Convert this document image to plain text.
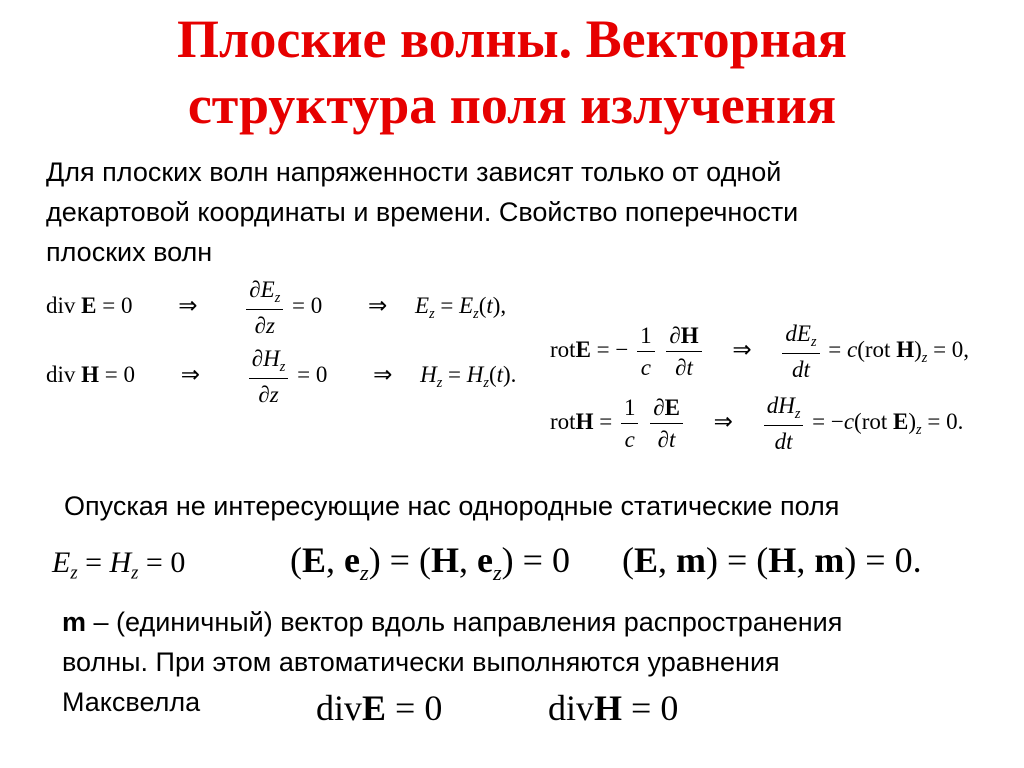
Плоские волны. Векторная
структура поля излучения

Для плоских волн напряженности зависят только от одной
декартовой координаты и времени. Свойство поперечности
плоских волн

div E = 0 ⇒ $\frac{\partial E_z}{\partial z} = 0$ ⇒ $E_z = E_z(t)$,
div H = 0 ⇒ $\frac{\partial H_z}{\partial z} = 0$ ⇒ $H_z = H_z(t)$.
rotE = − $\frac{1}{c}$
$\frac{\partial H}{\partial t}$ ⇒ $\frac{dE_z}{dt} = c(rot$ $H)_z = 0$,
rotH = $\frac{1}{c}$
$\frac{\partial E}{\partial t}$ ⇒ $\frac{dH_z}{dt} = -c(rot$ $E)_z = 0$.

Опуская не интересующие нас однородные статические поля

$E_z = H_z = 0$	(E, $e_z) = (H$, $e_z) = 0$ (E, m) = (H, m) = 0.

m – (единичный) вектор вдоль направления распространения
волны. При этом автоматически выполняются уравнения
Максвелла	divE = 0	divH = 0
